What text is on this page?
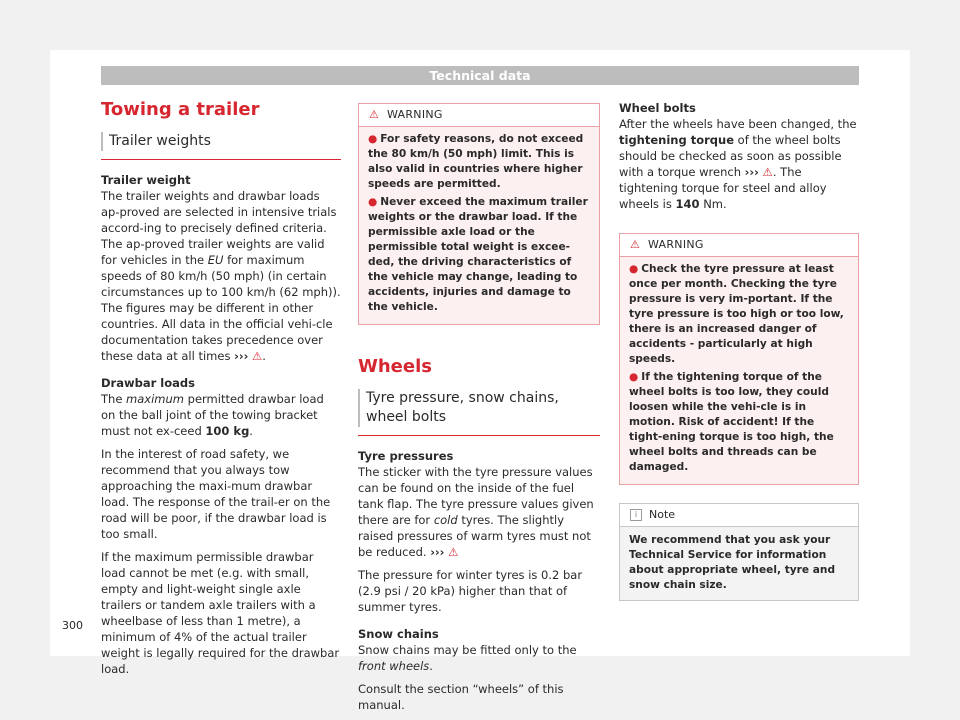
Technical data
Towing a trailer
Trailer weights
Trailer weight

The trailer weights and drawbar loads ap-proved are selected in intensive trials accord-ing to precisely defined criteria. The ap-proved trailer weights are valid for vehicles in the EU for maximum speeds of 80 km/h (50 mph) (in certain circumstances up to 100 km/h (62 mph)). The figures may be different in other countries. All data in the official vehi-cle documentation takes precedence over these data at all times ››› ⚠.

Drawbar loads

The maximum permitted drawbar load on the ball joint of the towing bracket must not ex-ceed 100 kg.

In the interest of road safety, we recommend that you always tow approaching the maxi-mum drawbar load. The response of the trail-er on the road will be poor, if the drawbar load is too small.

If the maximum permissible drawbar load cannot be met (e.g. with small, empty and light-weight single axle trailers or tandem axle trailers with a wheelbase of less than 1 metre), a minimum of 4% of the actual trailer weight is legally required for the drawbar load.

⚠ WARNING
● For safety reasons, do not exceed the 80 km/h (50 mph) limit. This is also valid in countries where higher speeds are permitted.
● Never exceed the maximum trailer weights or the drawbar load. If the permissible axle load or the permissible total weight is excee-ded, the driving characteristics of the vehicle may change, leading to accidents, injuries and damage to the vehicle.
Wheels
Tyre pressure, snow chains, wheel bolts
Tyre pressures

The sticker with the tyre pressure values can be found on the inside of the fuel tank flap. The tyre pressure values given there are for cold tyres. The slightly raised pressures of warm tyres must not be reduced. ››› ⚠

The pressure for winter tyres is 0.2 bar (2.9 psi / 20 kPa) higher than that of summer tyres.

Snow chains

Snow chains may be fitted only to the front wheels.

Consult the section “wheels” of this manual.

Wheel bolts

After the wheels have been changed, the tightening torque of the wheel bolts should be checked as soon as possible with a torque wrench ››› ⚠. The tightening torque for steel and alloy wheels is 140 Nm.

⚠ WARNING
● Check the tyre pressure at least once per month. Checking the tyre pressure is very im-portant. If the tyre pressure is too high or too low, there is an increased danger of accidents - particularly at high speeds.
● If the tightening torque of the wheel bolts is too low, they could loosen while the vehi-cle is in motion. Risk of accident! If the tight-ening torque is too high, the wheel bolts and threads can be damaged.
i Note
We recommend that you ask your Technical Service for information about appropriate wheel, tyre and snow chain size.
300
